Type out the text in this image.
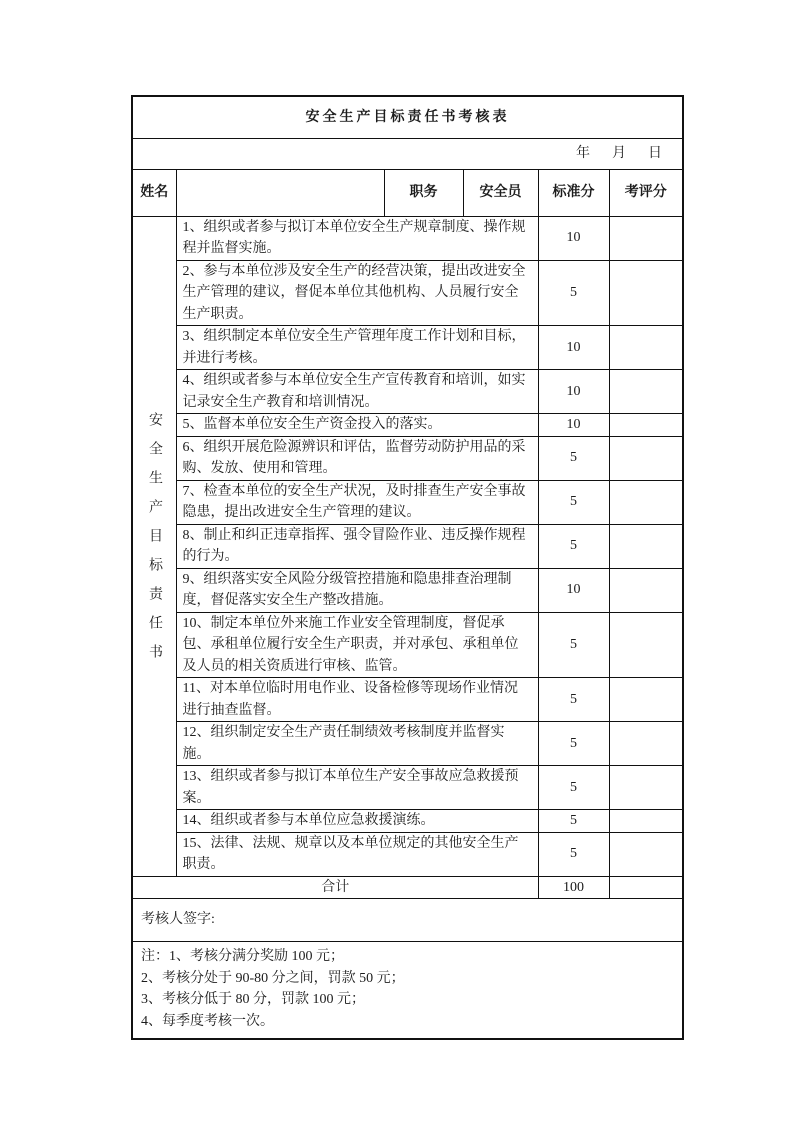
安全生产目标责任书考核表					

年 月 日					

姓名		职务	安全员	标准分	考评分
安全生产目标责任书	1、组织或者参与拟订本单位安全生产规章制度、操作规程并监督实施。			10	
	2、参与本单位涉及安全生产的经营决策，提出改进安全生产管理的建议，督促本单位其他机构、人员履行安全生产职责。			5	
	3、组织制定本单位安全生产管理年度工作计划和目标，并进行考核。			10	
	4、组织或者参与本单位安全生产宣传教育和培训，如实记录安全生产教育和培训情况。			10	
	5、监督本单位安全生产资金投入的落实。			10	
	6、组织开展危险源辨识和评估，监督劳动防护用品的采购、发放、使用和管理。			5	
	7、检查本单位的安全生产状况，及时排查生产安全事故隐患，提出改进安全生产管理的建议。			5	
	8、制止和纠正违章指挥、强令冒险作业、违反操作规程的行为。			5	
	9、组织落实安全风险分级管控措施和隐患排查治理制度，督促落实安全生产整改措施。			10	
	10、制定本单位外来施工作业安全管理制度，督促承包、承租单位履行安全生产职责，并对承包、承租单位及人员的相关资质进行审核、监管。			5	
	11、对本单位临时用电作业、设备检修等现场作业情况进行抽查监督。			5	
	12、组织制定安全生产责任制绩效考核制度并监督实施。			5	
	13、组织或者参与拟订本单位生产安全事故应急救援预案。			5	
	14、组织或者参与本单位应急救援演练。			5	
	15、法律、法规、规章以及本单位规定的其他安全生产职责。			5	
合计				100	
考核人签字:					

注：1、考核分满分奖励 100 元；
2、考核分处于 90-80 分之间，罚款 50 元；
3、考核分低于 80 分，罚款 100 元；
4、每季度考核一次。					
